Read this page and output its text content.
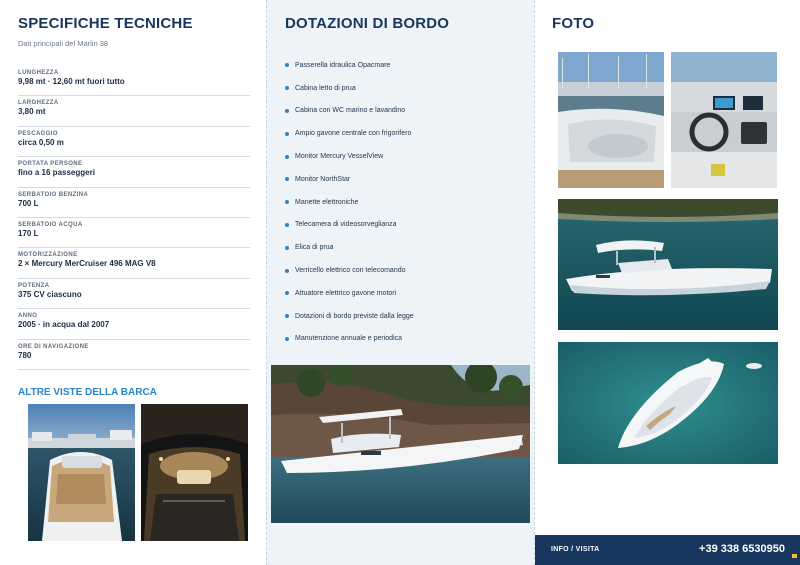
SPECIFICHE TECNICHE
Dati principali del Marlin 38
LUNGHEZZA
9,98 mt · 12,60 mt fuori tutto
LARGHEZZA
3,80 mt
PESCAGGIO
circa 0,50 m
PORTATA PERSONE
fino a 16 passeggeri
SERBATOIO BENZINA
700 L
SERBATOIO ACQUA
170 L
MOTORIZZAZIONE
2 × Mercury MerCruiser 496 MAG V8
POTENZA
375 CV ciascuno
ANNO
2005 · in acqua dal 2007
ORE DI NAVIGAZIONE
780
ALTRE VISTE DELLA BARCA
DOTAZIONI DI BORDO
Passerella idraulica Opacmare
Cabina letto di prua
Cabina con WC marino e lavandino
Ampio gavone centrale con frigorifero
Monitor Mercury VesselView
Monitor NorthStar
Manette elettroniche
Telecamera di videosorveglianza
Elica di prua
Verricello elettrico con telecomando
Attuatore elettrico gavone motori
Dotazioni di bordo previste dalla legge
Manutenzione annuale e periodica
FOTO
INFO / VISITA	+39 338 6530950
